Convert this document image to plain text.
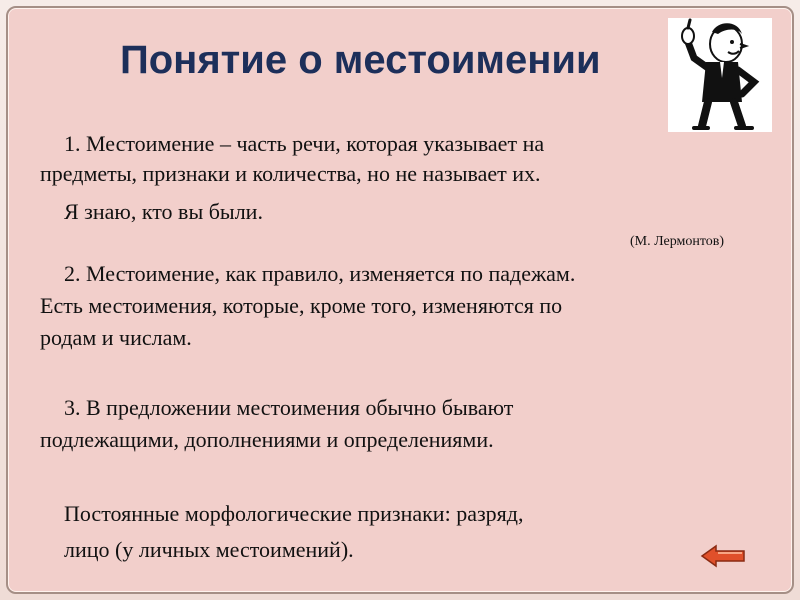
Понятие о местоимении
1. Местоимение – часть речи, которая указывает на
предметы, признаки и количества, но не называет их.
Я знаю, кто вы были.
(М. Лермонтов)
2. Местоимение, как правило, изменяется по падежам.
Есть местоимения, которые, кроме того, изменяются по
родам и числам.
3. В предложении местоимения обычно бывают
подлежащими, дополнениями и определениями.
Постоянные морфологические признаки: разряд,
лицо (у личных местоимений).
